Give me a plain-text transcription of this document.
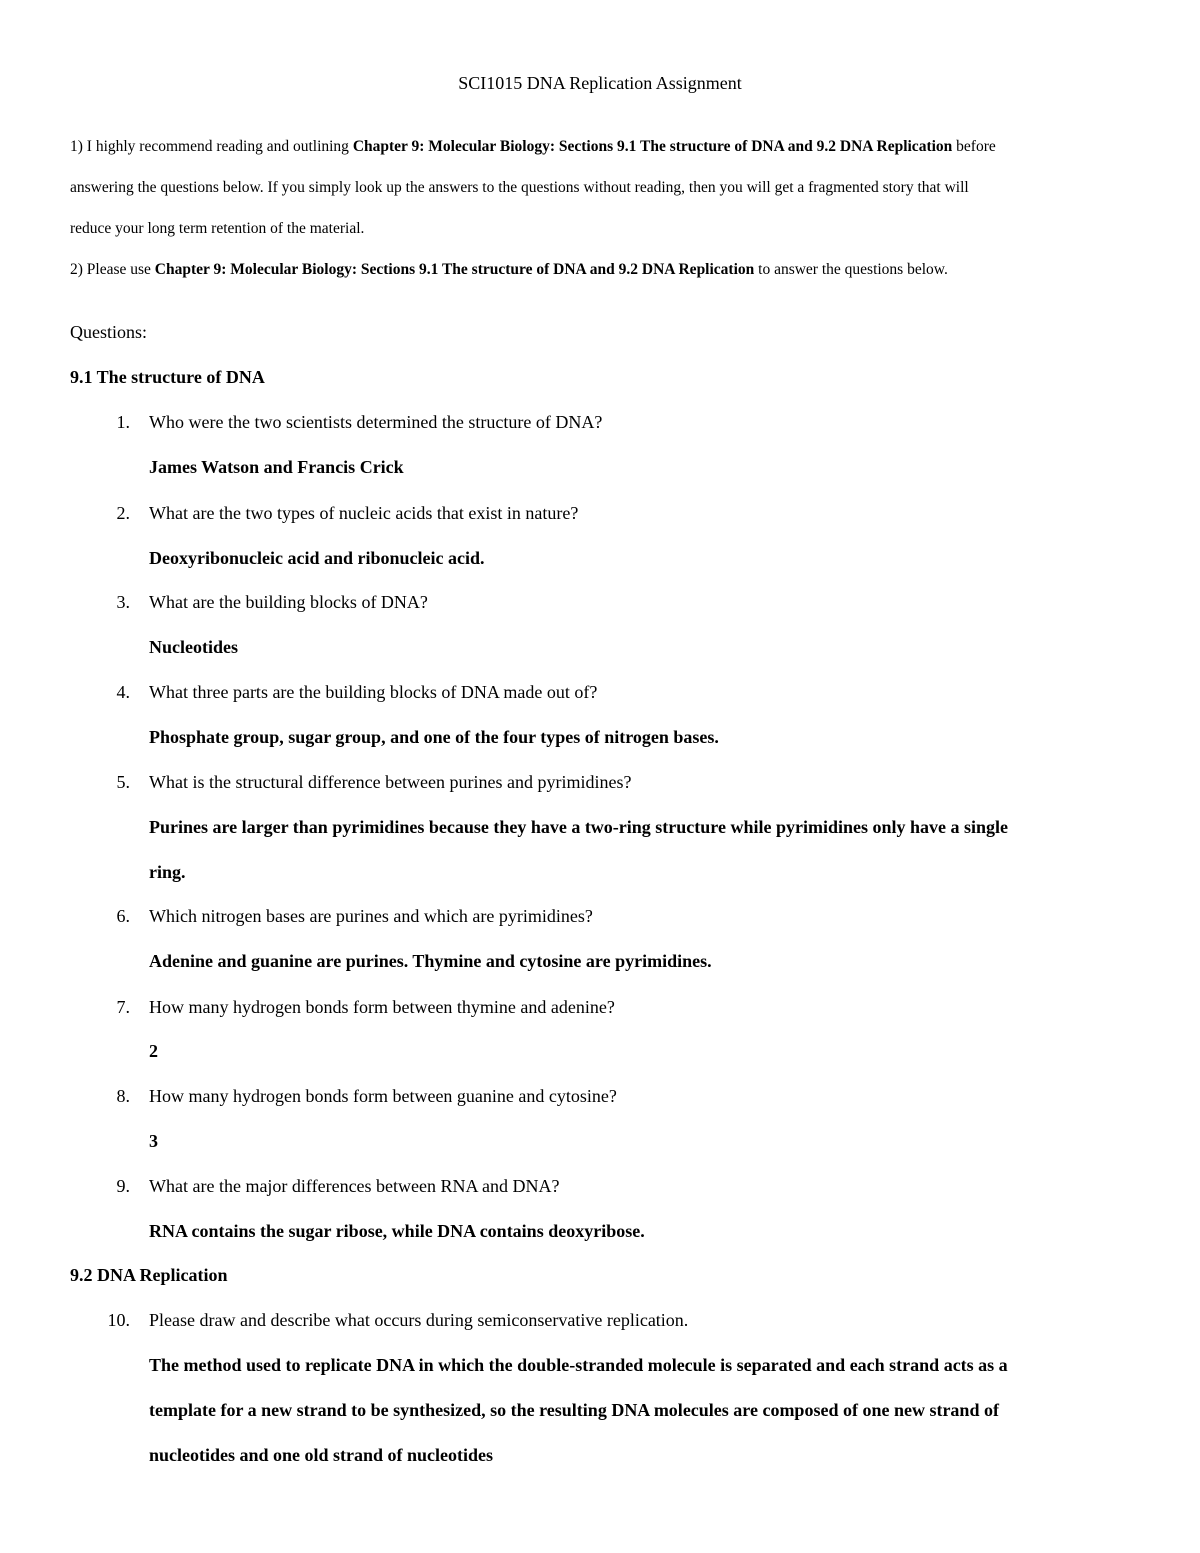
SCI1015 DNA Replication Assignment
1) I highly recommend reading and outlining Chapter 9: Molecular Biology: Sections 9.1 The structure of DNA and 9.2 DNA Replication before
answering the questions below. If you simply look up the answers to the questions without reading, then you will get a fragmented story that will
reduce your long term retention of the material.
2) Please use Chapter 9: Molecular Biology: Sections 9.1 The structure of DNA and 9.2 DNA Replication to answer the questions below.
Questions:
9.1 The structure of DNA
1. Who were the two scientists determined the structure of DNA?
James Watson and Francis Crick
2. What are the two types of nucleic acids that exist in nature?
Deoxyribonucleic acid and ribonucleic acid.
3. What are the building blocks of DNA?
Nucleotides
4. What three parts are the building blocks of DNA made out of?
Phosphate group, sugar group, and one of the four types of nitrogen bases.
5. What is the structural difference between purines and pyrimidines?
Purines are larger than pyrimidines because they have a two-ring structure while pyrimidines only have a single
ring.
6. Which nitrogen bases are purines and which are pyrimidines?
Adenine and guanine are purines. Thymine and cytosine are pyrimidines.
7. How many hydrogen bonds form between thymine and adenine?
2
8. How many hydrogen bonds form between guanine and cytosine?
3
9. What are the major differences between RNA and DNA?
RNA contains the sugar ribose, while DNA contains deoxyribose.
9.2 DNA Replication
10. Please draw and describe what occurs during semiconservative replication.
The method used to replicate DNA in which the double-stranded molecule is separated and each strand acts as a
template for a new strand to be synthesized, so the resulting DNA molecules are composed of one new strand of
nucleotides and one old strand of nucleotides
